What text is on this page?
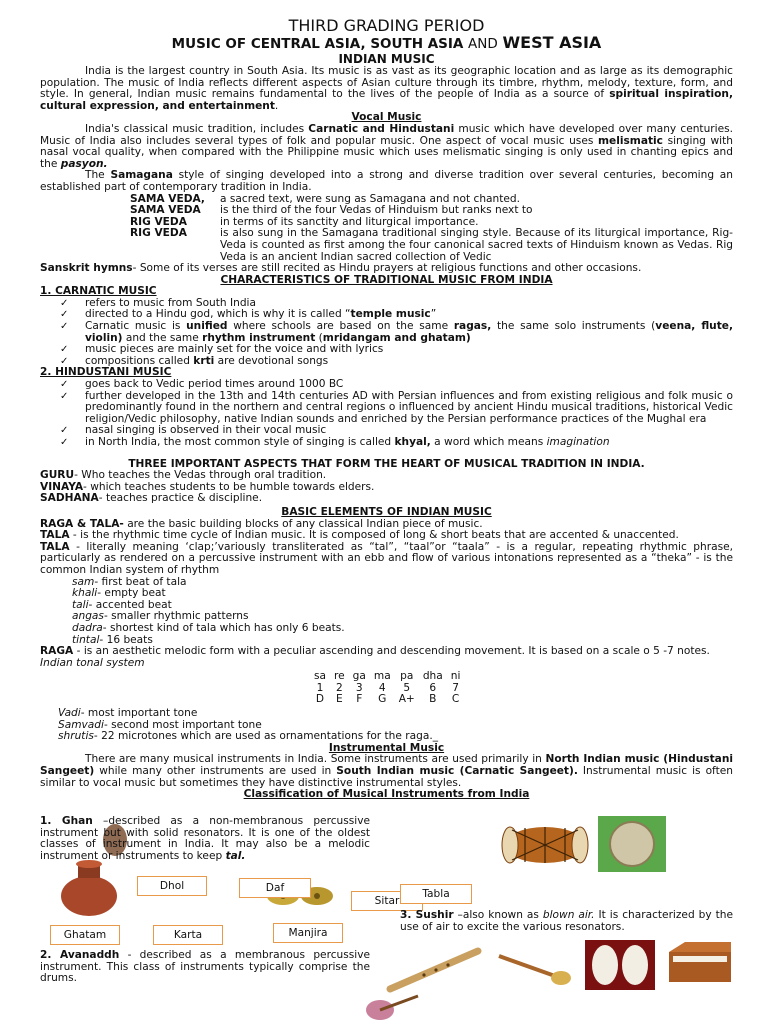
THIRD GRADING PERIOD
MUSIC OF CENTRAL ASIA, SOUTH ASIA AND WEST ASIA
INDIAN MUSIC
India is the largest country in South Asia. Its music is as vast as its geographic location and as large as its demographic population. The music of India reflects different aspects of Asian culture through its timbre, rhythm, melody, texture, form, and style. In general, Indian music remains fundamental to the lives of the people of India as a source of spiritual inspiration, cultural expression, and entertainment.
Vocal Music
India's classical music tradition, includes Carnatic and Hindustani music which have developed over many centuries. Music of India also includes several types of folk and popular music. One aspect of vocal music uses melismatic singing with nasal vocal quality, when compared with the Philippine music which uses melismatic singing is only used in chanting epics and the pasyon.
The Samagana style of singing developed into a strong and diverse tradition over several centuries, becoming an established part of contemporary tradition in India.
SAMA VEDA,	a sacred text, were sung as Samagana and not chanted.
SAMA VEDA	is the third of the four Vedas of Hinduism but ranks next to
RIG VEDA	in terms of its sanctity and liturgical importance.
RIG VEDA	is also sung in the Samagana traditional singing style. Because of its liturgical importance, Rig-Veda is counted as first among the four canonical sacred texts of Hinduism known as Vedas. Rig Veda is an ancient Indian sacred collection of Vedic
Sanskrit hymns- Some of its verses are still recited as Hindu prayers at religious functions and other occasions.
CHARACTERISTICS OF TRADITIONAL MUSIC FROM INDIA
1. CARNATIC MUSIC
✓ refers to music from South India
✓ directed to a Hindu god, which is why it is called “temple music”
✓ Carnatic music is unified where schools are based on the same ragas, the same solo instruments (veena, flute, violin) and the same rhythm instrument (mridangam and ghatam)
✓ music pieces are mainly set for the voice and with lyrics
✓ compositions called krti are devotional songs
2. HINDUSTANI MUSIC
✓ goes back to Vedic period times around 1000 BC
✓ further developed in the 13th and 14th centuries AD with Persian influences and from existing religious and folk music o predominantly found in the northern and central regions o influenced by ancient Hindu musical traditions, historical Vedic religion/Vedic philosophy, native Indian sounds and enriched by the Persian performance practices of the Mughal era
✓ nasal singing is observed in their vocal music
✓ in North India, the most common style of singing is called khyal, a word which means imagination
THREE IMPORTANT ASPECTS THAT FORM THE HEART OF MUSICAL TRADITION IN INDIA.
GURU- Who teaches the Vedas through oral tradition.
VINAYA- which teaches students to be humble towards elders.
SADHANA- teaches practice & discipline.
BASIC ELEMENTS OF INDIAN MUSIC
RAGA & TALA- are the basic building blocks of any classical Indian piece of music.
TALA - is the rhythmic time cycle of Indian music. It is composed of long & short beats that are accented & unaccented.
TALA - literally meaning ‘clap;’variously transliterated as “tal”, “taal”or “taala” - is a regular, repeating rhythmic phrase, particularly as rendered on a percussive instrument with an ebb and flow of various intonations represented as a “theka” - is the common Indian system of rhythm
sam- first beat of tala
khali- empty beat
tali- accented beat
angas- smaller rhythmic patterns
dadra- shortest kind of tala which has only 6 beats.
tintal- 16 beats
RAGA - is an aesthetic melodic form with a peculiar ascending and descending movement. It is based on a scale o 5 -7 notes.
Indian tonal system
sa	re	ga	ma	pa	dha	ni
1	2	3	4	5	6	7
D	E	F	G	A+	B	C
Vadi- most important tone
Samvadi- second most important tone
shrutis- 22 microtones which are used as ornamentations for the raga._
Instrumental Music
There are many musical instruments in India. Some instruments are used primarily in North Indian music (Hindustani Sangeet) while many other instruments are used in South Indian music (Carnatic Sangeet). Instrumental music is often similar to vocal music but sometimes they have distinctive instrumental styles.
Classification of Musical Instruments from India
1. Ghan –described as a non-membranous percussive instrument but with solid resonators. It is one of the oldest classes of instrument in India. It may also be a melodic instrument or instruments to keep tal.
Dhol	Daf
Sitar
Tabla
Ghatam	Karta	Manjira
3. Sushir –also known as blown air. It is characterized by the use of air to excite the various resonators.
2. Avanaddh - described as a membranous percussive instrument. This class of instruments typically comprise the drums.
